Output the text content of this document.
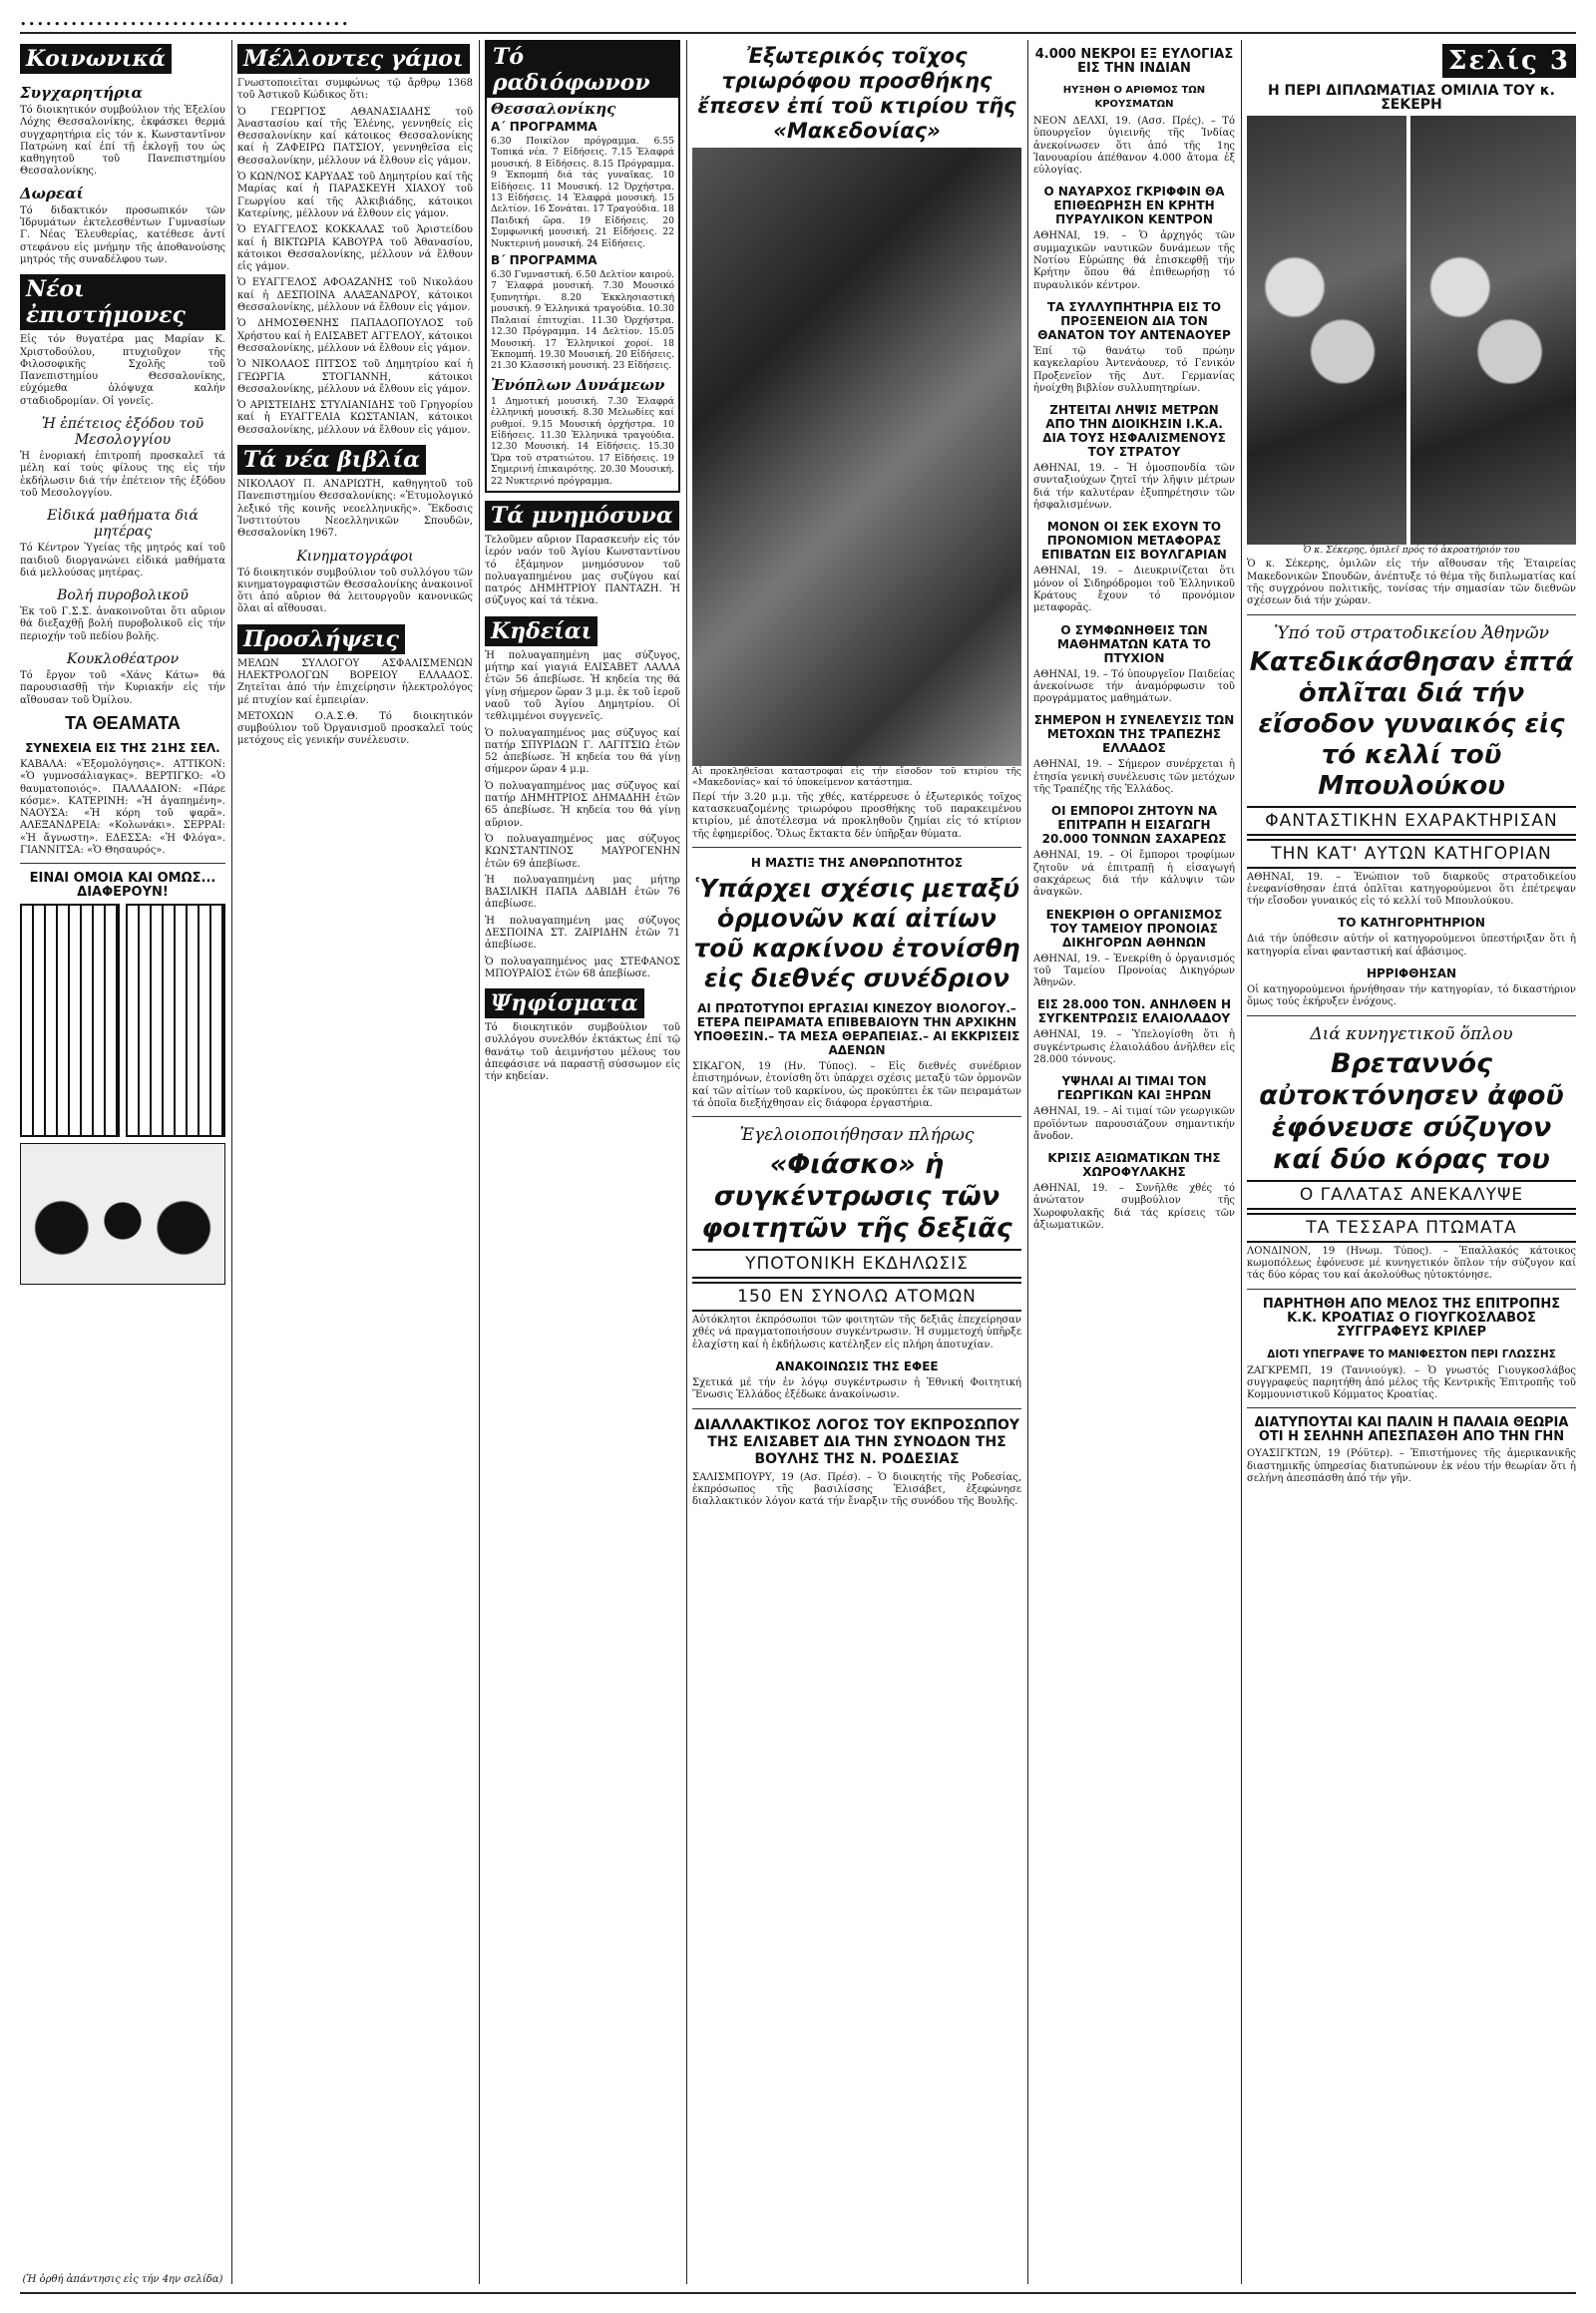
•••••••••••••••••••••••••••••••••••••••
Κοινωνικά
Συγχαρητήρια

Τό διοικητικόν συμβούλιον τής Ἑξελίου Λόχης Θεσσαλονίκης, ἐκφάσκει θερμά συγχαρητήρια εἰς τόν κ. Κωνσταντῖνον Πατρώνη καί ἐπί τῇ ἐκλογῇ του ὡς καθηγητοῦ τοῦ Πανεπιστημίου Θεσσαλονίκης.

Δωρεαί

Τό διδακτικόν προσωπικόν τῶν Ἰδρυμάτων ἐκτελεσθέντων Γυμνασίων Γ. Νέας Ἐλευθερίας, κατέθεσε ἀντί στεφάνου εἰς μνήμην τῆς ἀποθανούσης μητρός τῆς συναδέλφου των.

Νέοι ἐπιστήμονες

Εἰς τόν θυγατέρα μας Μαρίαν Κ. Χριστοδούλου, πτυχιοῦχον τῆς Φιλοσοφικῆς Σχολῆς τοῦ Πανεπιστημίου Θεσσαλονίκης, εὐχόμεθα ὁλόψυχα καλήν σταδιοδρομίαν. Οἱ γονεῖς.

Ἡ ἐπέτειος ἐξόδου τοῦ Μεσολογγίου

Ἡ ἐνοριακή ἐπιτροπή προσκαλεῖ τά μέλη καί τούς φίλους της εἰς τήν ἐκδήλωσιν διά τήν ἐπέτειον τῆς ἐξόδου τοῦ Μεσολογγίου.

Εἰδικά μαθήματα διά μητέρας

Τό Κέντρον Ὑγείας τῆς μητρός καί τοῦ παιδιοῦ διοργανώνει εἰδικά μαθήματα διά μελλούσας μητέρας.

Βολή πυροβολικοῦ

Ἐκ τοῦ Γ.Σ.Σ. ἀνακοινοῦται ὅτι αὔριον θά διεξαχθῇ βολή πυροβολικοῦ εἰς τήν περιοχήν τοῦ πεδίου βολῆς.

Κουκλοθέατρον

Τό ἔργον τοῦ «Χάνς Κάτω» θά παρουσιασθῇ τήν Κυριακήν εἰς τήν αἴθουσαν τοῦ Ὀμίλου.

ΤΑ ΘΕΑΜΑΤΑ
ΣΥΝΕΧΕΙΑ ΕΙΣ ΤΗΣ 21ΗΣ ΣΕΛ.

ΚΑΒΑΛΑ: «Ἐξομολόγησις». ΑΤΤΙΚΟΝ: «Ὁ γυμνοσάλιαγκας». ΒΕΡΤΙΓΚΟ: «Ὁ θαυματοποιός». ΠΑΛΛΑΔΙΟΝ: «Πάρε κόσμε». ΚΑΤΕΡΙΝΗ: «Ἡ ἀγαπημένη». ΝΑΟΥΣΑ: «Ἡ κόρη τοῦ ψαρᾶ». ΑΛΕΞΑΝΔΡΕΙΑ: «Κολωνάκι». ΣΕΡΡΑΙ: «Ἡ ἄγνωστη». ΕΔΕΣΣΑ: «Ἡ Φλόγα». ΓΙΑΝΝΙΤΣΑ: «Ὁ Θησαυρός».

ΕΙΝΑΙ ΟΜΟΙΑ ΚΑΙ ΟΜΩΣ... ΔΙΑΦΕΡΟΥΝ!
Μέλλοντες γάμοι

Γνωστοποιεῖται συμφώνως τῷ ἄρθρῳ 1368 τοῦ Ἀστικοῦ Κώδικος ὅτι:

Ὁ ΓΕΩΡΓΙΟΣ ΑΘΑΝΑΣΙΑΔΗΣ τοῦ Ἀναστασίου καί τῆς Ἑλένης, γεννηθείς εἰς Θεσσαλονίκην καί κάτοικος Θεσσαλονίκης καί ἡ ΖΑΦΕΙΡΩ ΠΑΤΣΙΟΥ, γεννηθεῖσα εἰς Θεσσαλονίκην, μέλλουν νά ἔλθουν εἰς γάμον.

Ὁ ΚΩΝ/ΝΟΣ ΚΑΡΥΔΑΣ τοῦ Δημητρίου καί τῆς Μαρίας καί ἡ ΠΑΡΑΣΚΕΥΗ ΧΙΑΧΟΥ τοῦ Γεωργίου καί τῆς Αλκιβιάδης, κάτοικοι Κατερίνης, μέλλουν νά ἔλθουν εἰς γάμον.

Ὁ ΕΥΑΓΓΕΛΟΣ ΚΟΚΚΑΛΑΣ τοῦ Ἀριστείδου καί ἡ ΒΙΚΤΩΡΙΑ ΚΑΒΟΥΡΑ τοῦ Ἀθανασίου, κάτοικοι Θεσσαλονίκης, μέλλουν νά ἔλθουν εἰς γάμον.

Ὁ ΕΥΑΓΓΕΛΟΣ ΑΦΟΑΖΑΝΗΣ τοῦ Νικολάου καί ἡ ΔΕΣΠΟΙΝΑ ΑΛΑΞΑΝΔΡΟΥ, κάτοικοι Θεσσαλονίκης, μέλλουν νά ἔλθουν εἰς γάμον.

Ὁ ΔΗΜΟΣΘΕΝΗΣ ΠΑΠΑΔΟΠΟΥΛΟΣ τοῦ Χρήστου καί ἡ ΕΛΙΣΑΒΕΤ ΑΓΓΕΛΟΥ, κάτοικοι Θεσσαλονίκης, μέλλουν νά ἔλθουν εἰς γάμον.

Ὁ ΝΙΚΟΛΑΟΣ ΠΙΤΣΟΣ τοῦ Δημητρίου καί ἡ ΓΕΩΡΓΙΑ ΣΤΟΓΙΑΝΝΗ, κάτοικοι Θεσσαλονίκης, μέλλουν νά ἔλθουν εἰς γάμον.

Ὁ ΑΡΙΣΤΕΙΔΗΣ ΣΤΥΛΙΑΝΙΔΗΣ τοῦ Γρηγορίου καί ἡ ΕΥΑΓΓΕΛΙΑ ΚΩΣΤΑΝΙΑΝ, κάτοικοι Θεσσαλονίκης, μέλλουν νά ἔλθουν εἰς γάμον.

Τά νέα βιβλία

ΝΙΚΟΛΑΟΥ Π. ΑΝΔΡΙΩΤΗ, καθηγητοῦ τοῦ Πανεπιστημίου Θεσσαλονίκης: «Ἐτυμολογικό λεξικό τῆς κοινῆς νεοελληνικῆς». Ἔκδοσις Ἰνστιτούτου Νεοελληνικῶν Σπουδῶν, Θεσσαλονίκη 1967.

Κινηματογράφοι

Τό διοικητικόν συμβούλιον τοῦ συλλόγου τῶν κινηματογραφιστῶν Θεσσαλονίκης ἀνακοινοῖ ὅτι ἀπό αὔριον θά λειτουργοῦν κανονικῶς ὅλαι αἱ αἴθουσαι.

Προσλήψεις

ΜΕΛΩΝ ΣΥΛΛΟΓΟΥ ΑΣΦΑΛΙΣΜΕΝΩΝ ΗΛΕΚΤΡΟΛΟΓΩΝ ΒΟΡΕΙΟΥ ΕΛΛΑΔΟΣ. Ζητεῖται ἀπό τήν ἐπιχείρησιν ἡλεκτρολόγος μέ πτυχίον καί ἐμπειρίαν.

ΜΕΤΟΧΩΝ Ο.Α.Σ.Θ. Τό διοικητικόν συμβούλιον τοῦ Ὀργανισμοῦ προσκαλεῖ τούς μετόχους εἰς γενικήν συνέλευσιν.

Τό ραδιόφωνον
Θεσσαλονίκης
Α΄ ΠΡΟΓΡΑΜΜΑ

6.30 Ποικίλον πρόγραμμα. 6.55 Τοπικά νέα. 7 Εἰδήσεις. 7.15 Ἑλαφρά μουσική. 8 Εἰδήσεις. 8.15 Πρόγραμμα. 9 Ἐκπομπή διά τάς γυναῖκας. 10 Εἰδήσεις. 11 Μουσική. 12 Ὀρχήστρα. 13 Εἰδήσεις. 14 Ἑλαφρά μουσική. 15 Δελτίον. 16 Σονάται. 17 Τραγούδια. 18 Παιδική ὥρα. 19 Εἰδήσεις. 20 Συμφωνική μουσική. 21 Εἰδήσεις. 22 Νυκτερινή μουσική. 24 Εἰδήσεις.

Β΄ ΠΡΟΓΡΑΜΜΑ

6.30 Γυμναστική. 6.50 Δελτίον καιρού. 7 Ἑλαφρά μουσική. 7.30 Μουσικό ξυπνητήρι. 8.20 Ἐκκλησιαστική μουσική. 9 Ἑλληνικά τραγούδια. 10.30 Παλαιαί ἐπιτυχίαι. 11.30 Ὀρχήστρα. 12.30 Πρόγραμμα. 14 Δελτίον. 15.05 Μουσική. 17 Ἑλληνικοί χοροί. 18 Ἐκπομπή. 19.30 Μουσική. 20 Εἰδήσεις. 21.30 Κλασσική μουσική. 23 Εἰδήσεις.

Ἐνόπλων Δυνάμεων

1 Δημοτική μουσική. 7.30 Ἑλαφρά ἐλληνική μουσική. 8.30 Μελωδίες καί ρυθμοί. 9.15 Μουσική ὀρχήστρα. 10 Εἰδήσεις. 11.30 Ἑλληνικά τραγούδια. 12.30 Μουσική. 14 Εἰδήσεις. 15.30 Ὥρα τοῦ στρατιώτου. 17 Εἰδήσεις. 19 Σημερινή ἐπικαιρότης. 20.30 Μουσική. 22 Νυκτερινό πρόγραμμα.

Τά μνημόσυνα

Τελοῦμεν αὔριον Παρασκευήν εἰς τόν ἱερόν ναόν τοῦ Ἁγίου Κωνσταντίνου τό ἐξάμηνον μνημόσυνον τοῦ πολυαγαπημένου μας συζύγου καί πατρός ΔΗΜΗΤΡΙΟΥ ΠΑΝΤΑΖΗ. Ἡ σύζυγος καί τά τέκνα.

Κηδείαι

Ἡ πολυαγαπημένη μας σύζυγος, μήτηρ καί γιαγιά ΕΛΙΣΑΒΕΤ ΛΑΛΛΑ ἐτῶν 56 ἀπεβίωσε. Ἡ κηδεία της θά γίνῃ σήμερον ὥραν 3 μ.μ. ἐκ τοῦ ἱεροῦ ναοῦ τοῦ Ἁγίου Δημητρίου. Οἱ τεθλιμμένοι συγγενεῖς.

Ὁ πολυαγαπημένος μας σύζυγος καί πατήρ ΣΠΥΡΙΔΩΝ Γ. ΛΑΓΙΤΣΙΩ ἐτῶν 52 ἀπεβίωσε. Ἡ κηδεία του θά γίνῃ σήμερον ὥραν 4 μ.μ.

Ὁ πολυαγαπημένος μας σύζυγος καί πατήρ ΔΗΜΗΤΡΙΟΣ ΔΗΜΑΔΗΗ ἐτῶν 65 ἀπεβίωσε. Ἡ κηδεία του θά γίνῃ αὔριον.

Ὁ πολυαγαπημένος μας σύζυγος ΚΩΝΣΤΑΝΤΙΝΟΣ ΜΑΥΡΟΓΕΝΗΝ ἐτῶν 69 ἀπεβίωσε.

Ἡ πολυαγαπημένη μας μήτηρ ΒΑΣΙΛΙΚΗ ΠΑΠΑ ΔΑΒΙΔΗ ἐτῶν 76 ἀπεβίωσε.

Ἡ πολυαγαπημένη μας σύζυγος ΔΕΣΠΟΙΝΑ ΣΤ. ΖΑΙΡΙΔΗΝ ἐτῶν 71 ἀπεβίωσε.

Ὁ πολυαγαπημένος μας ΣΤΕΦΑΝΟΣ ΜΠΟΥΡΑΙΟΣ ἐτῶν 68 ἀπεβίωσε.

Ψηφίσματα

Τό διοικητικόν συμβούλιον τοῦ συλλόγου συνελθόν ἐκτάκτως ἐπί τῷ θανάτῳ τοῦ ἀειμνήστου μέλους του ἀπεφάσισε νά παραστῇ σύσσωμον εἰς τήν κηδείαν.

Ἐξωτερικός τοῖχος τριωρόφου προσθήκης ἔπεσεν ἐπί τοῦ κτιρίου τῆς «Μακεδονίας»

Αἱ προκληθεῖσαι καταστροφαί εἰς τήν εἴσοδον τοῦ κτιρίου τῆς «Μακεδονίας» καί τό ὑποκείμενον κατάστημα.

Περί τήν 3.20 μ.μ. τῆς χθές, κατέρρευσε ὁ ἐξωτερικός τοῖχος κατασκευαζομένης τριωρόφου προσθήκης τοῦ παρακειμένου κτιρίου, μέ ἀποτέλεσμα νά προκληθοῦν ζημίαι εἰς τό κτίριον τῆς ἐφημερίδος. Ὅλως ἔκτακτα δέν ὑπῆρξαν θύματα.

Η ΜΑΣΤΙΞ ΤΗΣ ΑΝΘΡΩΠΟΤΗΤΟΣ
Ὑπάρχει σχέσις μεταξύ ὁρμονῶν καί αἰτίων τοῦ καρκίνου ἐτονίσθη εἰς διεθνές συνέδριον
ΑΙ ΠΡΩΤΟΤΥΠΟΙ ΕΡΓΑΣΙΑΙ ΚΙΝΕΖΟΥ ΒΙΟΛΟΓΟΥ.– ΕΤΕΡΑ ΠΕΙΡΑΜΑΤΑ ΕΠΙΒΕΒΑΙΟΥΝ ΤΗΝ ΑΡΧΙΚΗΝ ΥΠΟΘΕΣΙΝ.– ΤΑ ΜΕΣΑ ΘΕΡΑΠΕΙΑΣ.– ΑΙ ΕΚΚΡΙΣΕΙΣ ΑΔΕΝΩΝ

ΣΙΚΑΓΟΝ, 19 (Ην. Τύπος). – Εἰς διεθνές συνέδριον ἐπιστημόνων, ἐτονίσθη ὅτι ὑπάρχει σχέσις μεταξύ τῶν ὁρμονῶν καί τῶν αἰτίων τοῦ καρκίνου, ὡς προκύπτει ἐκ τῶν πειραμάτων τά ὁποῖα διεξήχθησαν εἰς διάφορα ἐργαστήρια.

Ἐγελοιοποιήθησαν πλήρως
«Φιάσκο» ἡ συγκέντρωσις τῶν φοιτητῶν τῆς δεξιᾶς
ΥΠΟΤΟΝΙΚΗ ΕΚΔΗΛΩΣΙΣ
150 ΕΝ ΣΥΝΟΛΩ ΑΤΟΜΩΝ

Αὐτόκλητοι ἐκπρόσωποι τῶν φοιτητῶν τῆς δεξιᾶς ἐπεχείρησαν χθές νά πραγματοποιήσουν συγκέντρωσιν. Ἡ συμμετοχή ὑπῆρξε ἐλαχίστη καί ἡ ἐκδήλωσις κατέληξεν εἰς πλήρη ἀποτυχίαν.

ΑΝΑΚΟΙΝΩΣΙΣ ΤΗΣ ΕΦΕΕ

Σχετικά μέ τήν ἐν λόγῳ συγκέντρωσιν ἡ Ἐθνική Φοιτητική Ἕνωσις Ἑλλάδος ἐξέδωκε ἀνακοίνωσιν.

ΔΙΑΛΛΑΚΤΙΚΟΣ ΛΟΓΟΣ ΤΟΥ ΕΚΠΡΟΣΩΠΟΥ ΤΗΣ ΕΛΙΣΑΒΕΤ ΔΙΑ ΤΗΝ ΣΥΝΟΔΟΝ ΤΗΣ ΒΟΥΛΗΣ ΤΗΣ Ν. ΡΟΔΕΣΙΑΣ

ΣΑΛΙΣΜΠΟΥΡΥ, 19 (Ασ. Πρέσ). – Ὁ διοικητής τῆς Ροδεσίας, ἐκπρόσωπος τῆς βασιλίσσης Ἐλισάβετ, ἐξεφώνησε διαλλακτικόν λόγον κατά τήν ἔναρξιν τῆς συνόδου τῆς Βουλῆς.

4.000 ΝΕΚΡΟΙ ΕΞ ΕΥΛΟΓΙΑΣ ΕΙΣ ΤΗΝ ΙΝΔΙΑΝ
ΗΥΞΗΘΗ Ο ΑΡΙΘΜΟΣ ΤΩΝ ΚΡΟΥΣΜΑΤΩΝ

ΝΕΟΝ ΔΕΛΧΙ, 19. (Ασσ. Πρές). – Τό ὑπουργεῖον ὑγιεινῆς τῆς Ἰνδίας ἀνεκοίνωσεν ὅτι ἀπό τῆς 1ης Ἰανουαρίου ἀπέθανον 4.000 ἄτομα ἐξ εὐλογίας.

Ο ΝΑΥΑΡΧΟΣ ΓΚΡΙΦΦΙΝ ΘΑ ΕΠΙΘΕΩΡΗΣΗ ΕΝ ΚΡΗΤΗ ΠΥΡΑΥΛΙΚΟΝ ΚΕΝΤΡΟΝ

ΑΘΗΝΑΙ, 19. – Ὁ ἀρχηγός τῶν συμμαχικῶν ναυτικῶν δυνάμεων τῆς Νοτίου Εὐρώπης θά ἐπισκεφθῇ τήν Κρήτην ὅπου θά ἐπιθεωρήσῃ τό πυραυλικόν κέντρον.

ΤΑ ΣΥΛΛΥΠΗΤΗΡΙΑ ΕΙΣ ΤΟ ΠΡΟΞΕΝΕΙΟΝ ΔΙΑ ΤΟΝ ΘΑΝΑΤΟΝ ΤΟΥ ΑΝΤΕΝΑΟΥΕΡ

Ἐπί τῷ θανάτῳ τοῦ πρώην καγκελαρίου Ἀντενάουερ, τό Γενικόν Προξενεῖον τῆς Δυτ. Γερμανίας ἠνοίχθη βιβλίον συλλυπητηρίων.

ΖΗΤΕΙΤΑΙ ΛΗΨΙΣ ΜΕΤΡΩΝ ΑΠΟ ΤΗΝ ΔΙΟΙΚΗΣΙΝ Ι.Κ.Α. ΔΙΑ ΤΟΥΣ ΗΣΦΑΛΙΣΜΕΝΟΥΣ ΤΟΥ ΣΤΡΑΤΟΥ

ΑΘΗΝΑΙ, 19. – Ἡ ὁμοσπονδία τῶν συνταξιούχων ζητεῖ τήν λῆψιν μέτρων διά τήν καλυτέραν ἐξυπηρέτησιν τῶν ἠσφαλισμένων.

ΜΟΝΟΝ ΟΙ ΣΕΚ ΕΧΟΥΝ ΤΟ ΠΡΟΝΟΜΙΟΝ ΜΕΤΑΦΟΡΑΣ ΕΠΙΒΑΤΩΝ ΕΙΣ ΒΟΥΛΓΑΡΙΑΝ

ΑΘΗΝΑΙ, 19. – Διευκρινίζεται ὅτι μόνον οἱ Σιδηρόδρομοι τοῦ Ἑλληνικοῦ Κράτους ἔχουν τό προνόμιον μεταφορᾶς.

Ο ΣΥΜΦΩΝΗΘΕΙΣ ΤΩΝ ΜΑΘΗΜΑΤΩΝ ΚΑΤΑ ΤΟ ΠΤΥΧΙΟΝ

ΑΘΗΝΑΙ, 19. – Τό ὑπουργεῖον Παιδείας ἀνεκοίνωσε τήν ἀναμόρφωσιν τοῦ προγράμματος μαθημάτων.

ΣΗΜΕΡΟΝ Η ΣΥΝΕΛΕΥΣΙΣ ΤΩΝ ΜΕΤΟΧΩΝ ΤΗΣ ΤΡΑΠΕΖΗΣ ΕΛΛΑΔΟΣ

ΑΘΗΝΑΙ, 19. – Σήμερον συνέρχεται ἡ ἐτησία γενική συνέλευσις τῶν μετόχων τῆς Τραπέζης τῆς Ἑλλάδος.

ΟΙ ΕΜΠΟΡΟΙ ΖΗΤΟΥΝ ΝΑ ΕΠΙΤΡΑΠΗ Η ΕΙΣΑΓΩΓΗ 20.000 ΤΟΝΝΩΝ ΣΑΧΑΡΕΩΣ

ΑΘΗΝΑΙ, 19. – Οἱ ἔμποροι τροφίμων ζητοῦν νά ἐπιτραπῇ ἡ εἰσαγωγή σακχάρεως διά τήν κάλυψιν τῶν ἀναγκῶν.

ΕΝΕΚΡΙΘΗ Ο ΟΡΓΑΝΙΣΜΟΣ ΤΟΥ ΤΑΜΕΙΟΥ ΠΡΟΝΟΙΑΣ ΔΙΚΗΓΟΡΩΝ ΑΘΗΝΩΝ

ΑΘΗΝΑΙ, 19. – Ἐνεκρίθη ὁ ὀργανισμός τοῦ Ταμείου Προνοίας Δικηγόρων Ἀθηνῶν.

ΕΙΣ 28.000 ΤΟΝ. ΑΝΗΛΘΕΝ Η ΣΥΓΚΕΝΤΡΩΣΙΣ ΕΛΑΙΟΛΑΔΟΥ

ΑΘΗΝΑΙ, 19. – Ὑπελογίσθη ὅτι ἡ συγκέντρωσις ἐλαιολάδου ἀνῆλθεν εἰς 28.000 τόννους.

ΥΨΗΛΑΙ ΑΙ ΤΙΜΑΙ ΤΟΝ ΓΕΩΡΓΙΚΩΝ ΚΑΙ ΞΗΡΩΝ

ΑΘΗΝΑΙ, 19. – Αἱ τιμαί τῶν γεωργικῶν προϊόντων παρουσιάζουν σημαντικήν ἄνοδον.

ΚΡΙΣΙΣ ΑΞΙΩΜΑΤΙΚΩΝ ΤΗΣ ΧΩΡΟΦΥΛΑΚΗΣ

ΑΘΗΝΑΙ, 19. – Συνῆλθε χθές τό ἀνώτατον συμβούλιον τῆς Χωροφυλακῆς διά τάς κρίσεις τῶν ἀξιωματικῶν.

Σελίς 3
Η ΠΕΡΙ ΔΙΠΛΩΜΑΤΙΑΣ ΟΜΙΛΙΑ ΤΟΥ κ. ΣΕΚΕΡΗ

Ὁ κ. Σέκερης, ὁμιλεῖ πρός τό ἀκροατήριόν του

Ὁ κ. Σέκερης, ὁμιλῶν εἰς τήν αἴθουσαν τῆς Ἑταιρείας Μακεδονικῶν Σπουδῶν, ἀνέπτυξε τό θέμα τῆς διπλωματίας καί τῆς συγχρόνου πολιτικῆς, τονίσας τήν σημασίαν τῶν διεθνῶν σχέσεων διά τήν χώραν.

Ὑπό τοῦ στρατοδικείου Ἀθηνῶν
Κατεδικάσθησαν ἑπτά ὁπλῖται διά τήν εἴσοδον γυναικός εἰς τό κελλί τοῦ Μπουλούκου
ΦΑΝΤΑΣΤΙΚΗΝ ΕΧΑΡΑΚΤΗΡΙΣΑΝ
ΤΗΝ ΚΑΤ' ΑΥΤΩΝ ΚΑΤΗΓΟΡΙΑΝ

ΑΘΗΝΑΙ, 19. – Ἐνώπιον τοῦ διαρκοῦς στρατοδικείου ἐνεφανίσθησαν ἑπτά ὁπλῖται κατηγορούμενοι ὅτι ἐπέτρεψαν τήν εἴσοδον γυναικός εἰς τό κελλί τοῦ Μπουλούκου.

ΤΟ ΚΑΤΗΓΟΡΗΤΗΡΙΟΝ

Διά τήν ὑπόθεσιν αὐτήν οἱ κατηγορούμενοι ὑπεστήριξαν ὅτι ἡ κατηγορία εἶναι φανταστική καί ἀβάσιμος.

ΗΡΡΙΦΘΗΣΑΝ

Οἱ κατηγορούμενοι ἠρνήθησαν τήν κατηγορίαν, τό δικαστήριον ὅμως τούς ἐκήρυξεν ἐνόχους.

Διά κυνηγετικοῦ ὅπλου
Βρεταννός αὐτοκτόνησεν ἀφοῦ ἐφόνευσε σύζυγον καί δύο κόρας του
Ο ΓΑΛΑΤΑΣ ΑΝΕΚΑΛΥΨΕ
ΤΑ ΤΕΣΣΑΡΑ ΠΤΩΜΑΤΑ

ΛΟΝΔΙΝΟΝ, 19 (Ηνωμ. Τύπος). – Ἐπαλλακός κάτοικος κωμοπόλεως ἐφόνευσε μέ κυνηγετικόν ὅπλον τήν σύζυγον καί τάς δύο κόρας του καί ἀκολούθως ηὐτοκτόνησε.

ΠΑΡΗΤΗΘΗ ΑΠΟ ΜΕΛΟΣ ΤΗΣ ΕΠΙΤΡΟΠΗΣ Κ.Κ. ΚΡΟΑΤΙΑΣ Ο ΓΙΟΥΓΚΟΣΛΑΒΟΣ ΣΥΓΓΡΑΦΕΥΣ ΚΡΙΛΕΡ
ΔΙΟΤΙ ΥΠΕΓΡΑΨΕ ΤΟ ΜΑΝΙΦΕΣΤΟΝ ΠΕΡΙ ΓΛΩΣΣΗΣ

ΖΑΓΚΡΕΜΠ, 19 (Ταννιούγκ). – Ὁ γνωστός Γιουγκοσλάβος συγγραφεύς παρητήθη ἀπό μέλος τῆς Κεντρικῆς Ἐπιτροπῆς τοῦ Κομμουνιστικοῦ Κόμματος Κροατίας.

ΔΙΑΤΥΠΟΥΤΑΙ ΚΑΙ ΠΑΛΙΝ Η ΠΑΛΑΙΑ ΘΕΩΡΙΑ ΟΤΙ Η ΣΕΛΗΝΗ ΑΠΕΣΠΑΣΘΗ ΑΠΟ ΤΗΝ ΓΗΝ

ΟΥΑΣΙΓΚΤΩΝ, 19 (Ρόϋτερ). – Ἐπιστήμονες τῆς ἀμερικανικῆς διαστημικῆς ὑπηρεσίας διατυπώνουν ἐκ νέου τήν θεωρίαν ὅτι ἡ σελήνη ἀπεσπάσθη ἀπό τήν γῆν.

(Ἡ ὀρθή ἀπάντησις εἰς τήν 4ην σελίδα)
